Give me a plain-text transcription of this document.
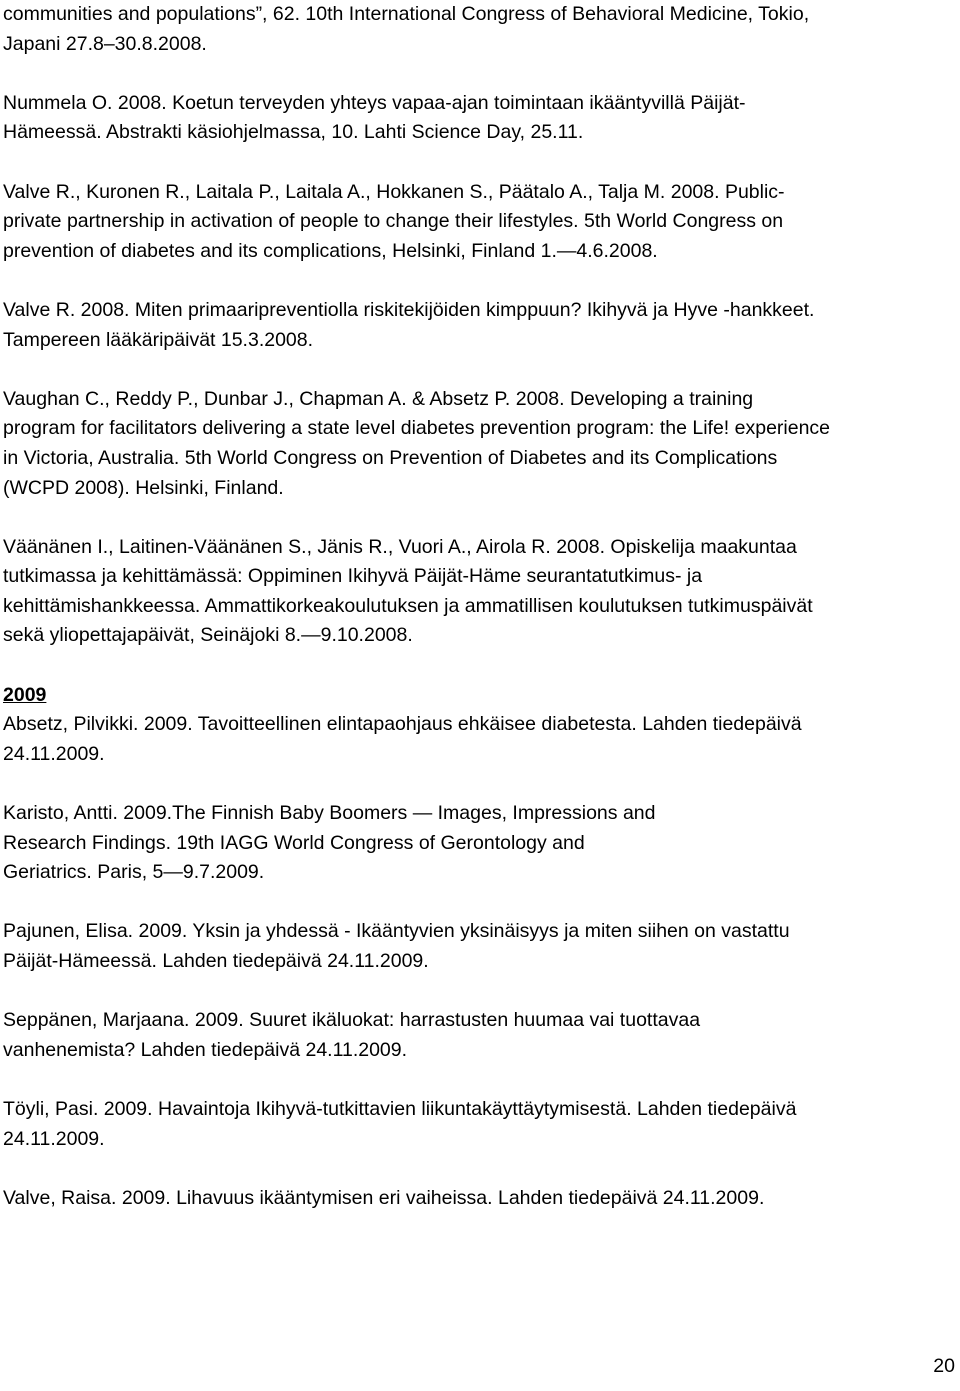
communities and populations”, 62. 10th International Congress of Behavioral Medicine, Tokio,
Japani 27.8–30.8.2008.
Nummela O. 2008. Koetun terveyden yhteys vapaa-ajan toimintaan ikääntyvillä Päijät-
Hämeessä. Abstrakti käsiohjelmassa, 10. Lahti Science Day, 25.11.
Valve R., Kuronen R., Laitala P., Laitala A., Hokkanen S., Päätalo A., Talja M. 2008. Public-
private partnership in activation of people to change their lifestyles. 5th World Congress on
prevention of diabetes and its complications, Helsinki, Finland 1.—4.6.2008.
Valve R. 2008. Miten primaaripreventiolla riskitekijöiden kimppuun? Ikihyvä ja Hyve -hankkeet.
Tampereen lääkäripäivät 15.3.2008.
Vaughan C., Reddy P., Dunbar J., Chapman A. & Absetz P. 2008. Developing a training
program for facilitators delivering a state level diabetes prevention program: the Life! experience
in Victoria, Australia. 5th World Congress on Prevention of Diabetes and its Complications
(WCPD 2008). Helsinki, Finland.
Väänänen I., Laitinen-Väänänen S., Jänis R., Vuori A., Airola R. 2008. Opiskelija maakuntaa
tutkimassa ja kehittämässä: Oppiminen Ikihyvä Päijät-Häme seurantatutkimus- ja
kehittämishankkeessa. Ammattikorkeakoulutuksen ja ammatillisen koulutuksen tutkimuspäivät
sekä yliopettajapäivät, Seinäjoki 8.—9.10.2008.
2009
Absetz, Pilvikki. 2009. Tavoitteellinen elintapaohjaus ehkäisee diabetesta. Lahden tiedepäivä
24.11.2009.
Karisto, Antti. 2009.The Finnish Baby Boomers — Images, Impressions and
Research Findings. 19th IAGG World Congress of Gerontology and
Geriatrics. Paris, 5—9.7.2009.
Pajunen, Elisa. 2009. Yksin ja yhdessä - Ikääntyvien yksinäisyys ja miten siihen on vastattu
Päijät-Hämeessä. Lahden tiedepäivä 24.11.2009.
Seppänen, Marjaana. 2009. Suuret ikäluokat: harrastusten huumaa vai tuottavaa
vanhenemista? Lahden tiedepäivä 24.11.2009.
Töyli, Pasi. 2009. Havaintoja Ikihyvä-tutkittavien liikuntakäyttäytymisestä. Lahden tiedepäivä
24.11.2009.
Valve, Raisa. 2009. Lihavuus ikääntymisen eri vaiheissa. Lahden tiedepäivä 24.11.2009.
20
